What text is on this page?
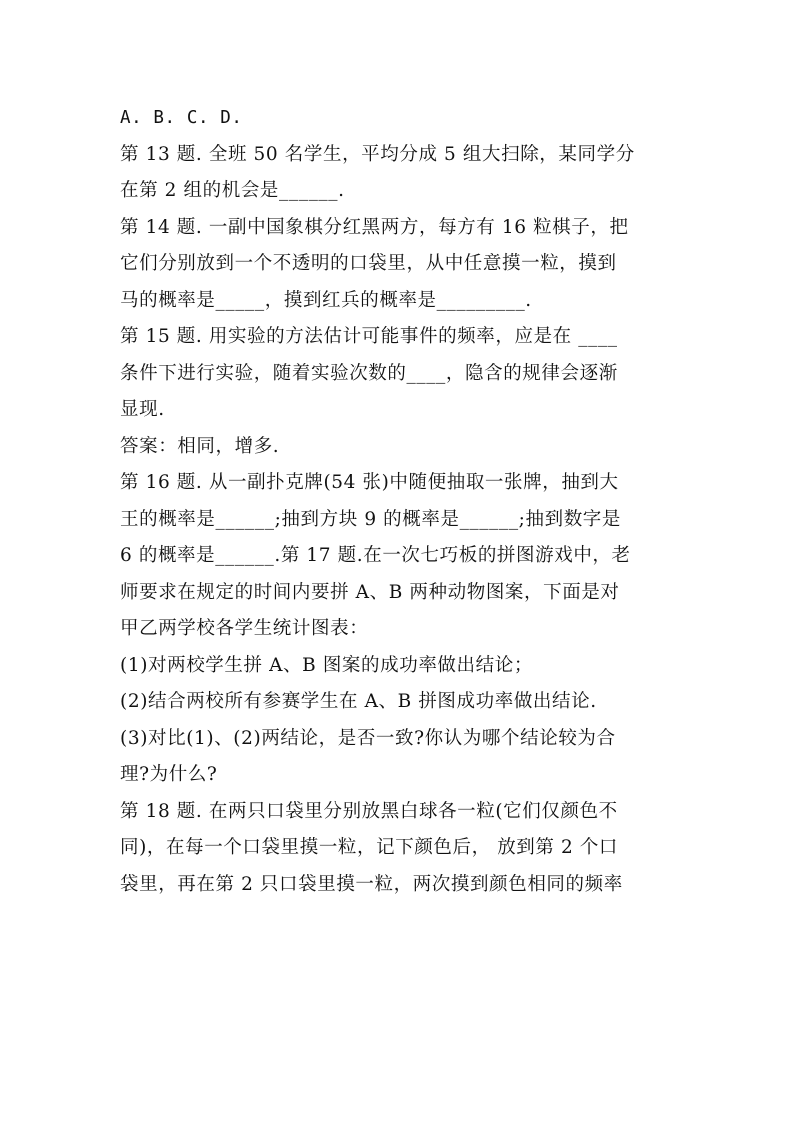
A. B. C. D.
第 13 题. 全班 50 名学生，平均分成 5 组大扫除，某同学分
在第 2 组的机会是______.
第 14 题. 一副中国象棋分红黑两方，每方有 16 粒棋子，把
它们分别放到一个不透明的口袋里，从中任意摸一粒，摸到
马的概率是_____，摸到红兵的概率是_________.
第 15 题. 用实验的方法估计可能事件的频率，应是在 ____
条件下进行实验，随着实验次数的____，隐含的规律会逐渐
显现.
答案：相同，增多.
第 16 题. 从一副扑克牌(54 张)中随便抽取一张牌，抽到大
王的概率是______;抽到方块 9 的概率是______;抽到数字是
6 的概率是______.第 17 题.在一次七巧板的拼图游戏中，老
师要求在规定的时间内要拼 A、B 两种动物图案，下面是对
甲乙两学校各学生统计图表：
(1)对两校学生拼 A、B 图案的成功率做出结论；
(2)结合两校所有参赛学生在 A、B 拼图成功率做出结论.
(3)对比(1)、(2)两结论，是否一致?你认为哪个结论较为合
理?为什么?
第 18 题. 在两只口袋里分别放黑白球各一粒(它们仅颜色不
同)，在每一个口袋里摸一粒，记下颜色后， 放到第 2 个口
袋里，再在第 2 只口袋里摸一粒，两次摸到颜色相同的频率
